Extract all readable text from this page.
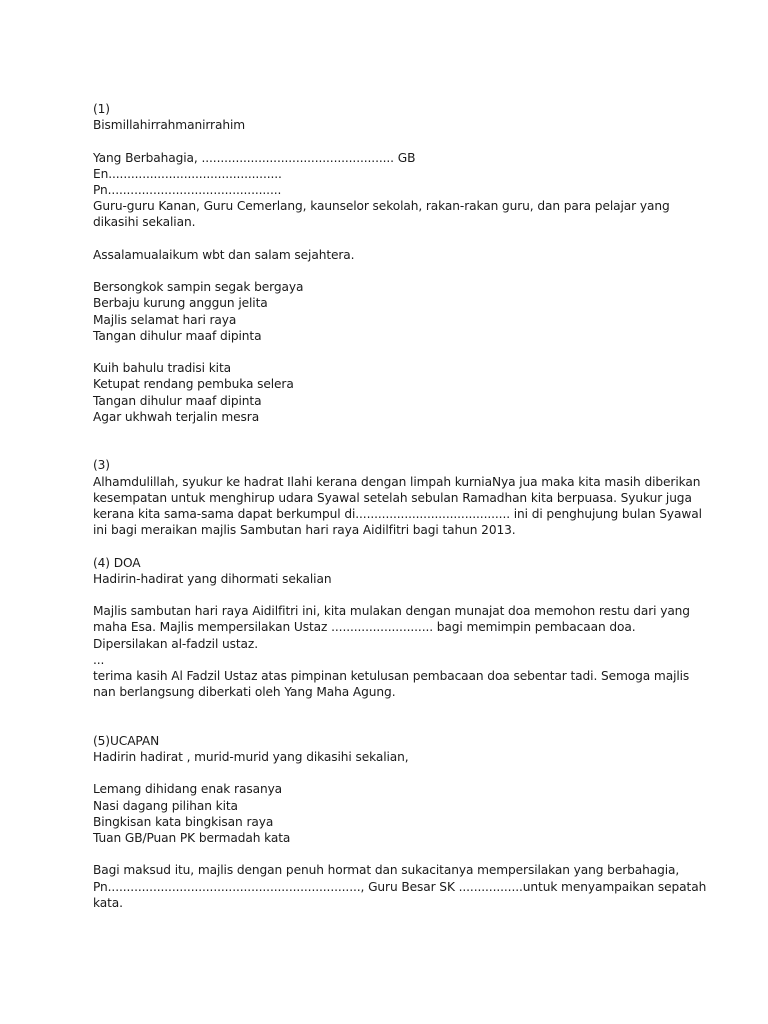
(1)
Bismillahirrahmanirrahim
Yang Berbahagia, ................................................... GB
En..............................................
Pn..............................................
Guru-guru Kanan, Guru Cemerlang, kaunselor sekolah, rakan-rakan guru, dan para pelajar yang
dikasihi sekalian.
Assalamualaikum wbt dan salam sejahtera.
Bersongkok sampin segak bergaya
Berbaju kurung anggun jelita
Majlis selamat hari raya
Tangan dihulur maaf dipinta
Kuih bahulu tradisi kita
Ketupat rendang pembuka selera
Tangan dihulur maaf dipinta
Agar ukhwah terjalin mesra
(3)
Alhamdulillah, syukur ke hadrat Ilahi kerana dengan limpah kurniaNya jua maka kita masih diberikan
kesempatan untuk menghirup udara Syawal setelah sebulan Ramadhan kita berpuasa. Syukur juga
kerana kita sama-sama dapat berkumpul di......................................... ini di penghujung bulan Syawal
ini bagi meraikan majlis Sambutan hari raya Aidilfitri bagi tahun 2013.
(4) DOA
Hadirin-hadirat yang dihormati sekalian
Majlis sambutan hari raya Aidilfitri ini, kita mulakan dengan munajat doa memohon restu dari yang
maha Esa. Majlis mempersilakan Ustaz ........................... bagi memimpin pembacaan doa.
Dipersilakan al-fadzil ustaz.
...
terima kasih Al Fadzil Ustaz atas pimpinan ketulusan pembacaan doa sebentar tadi. Semoga majlis
nan berlangsung diberkati oleh Yang Maha Agung.
(5)UCAPAN
Hadirin hadirat , murid-murid yang dikasihi sekalian,
Lemang dihidang enak rasanya
Nasi dagang pilihan kita
Bingkisan kata bingkisan raya
Tuan GB/Puan PK bermadah kata
Bagi maksud itu, majlis dengan penuh hormat dan sukacitanya mempersilakan yang berbahagia,
Pn..................................................................., Guru Besar SK .................untuk menyampaikan sepatah
kata.
